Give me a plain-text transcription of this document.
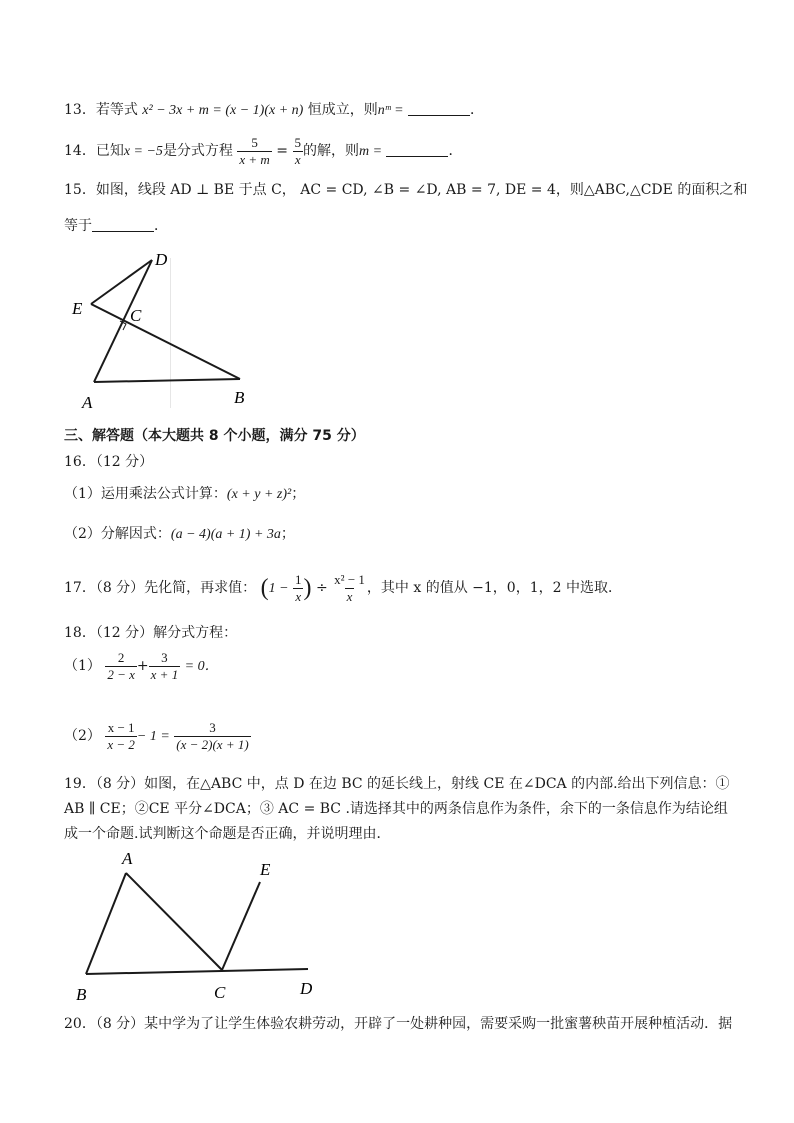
13．若等式 x² − 3x + m = (x − 1)(x + n) 恒成立，则nᵐ =	．
14．已知x = −5是分式方程 $\frac{5}{x + m} = \frac{5}{x}$ 的解，则m =	．
15．如图，线段 AD ⊥ BE 于点 C， AC = CD, ∠B = ∠D, AB = 7, DE = 4，则△ABC,△CDE 的面积之和
等于	．
D
E	C
A	B
三、解答题（本大题共 8 个小题，满分 75 分）
16．（12 分）
（1）运用乘法公式计算：(x + y + z)²；
（2）分解因式：(a − 4)(a + 1) + 3a；
17．（8 分）先化简，再求值： ($1 - \frac{1}{x}$ ) ÷ $\frac{\text{x² − 1}}{x}$ ，其中 x 的值从 −1，0，1，2 中选取．
18．（12 分）解分式方程：
$(1) \frac{2}{2 - x} + \frac{3}{x + 1} = 0$．
$(2) \frac{x - 1}{x - 2} - 1 = \frac{3}{(x - 2)(x + 1)}$
19．（8 分）如图，在△ABC 中，点 D 在边 BC 的延长线上，射线 CE 在∠DCA 的内部.给出下列信息：①
AB ∥ CE；②CE 平分∠DCA；③ AC = BC .请选择其中的两条信息作为条件，余下的一条信息作为结论组
成一个命题.试判断这个命题是否正确，并说明理由．
A
E
B	C	D
20．（8 分）某中学为了让学生体验农耕劳动，开辟了一处耕种园，需要采购一批蜜薯秧苗开展种植活动．据
